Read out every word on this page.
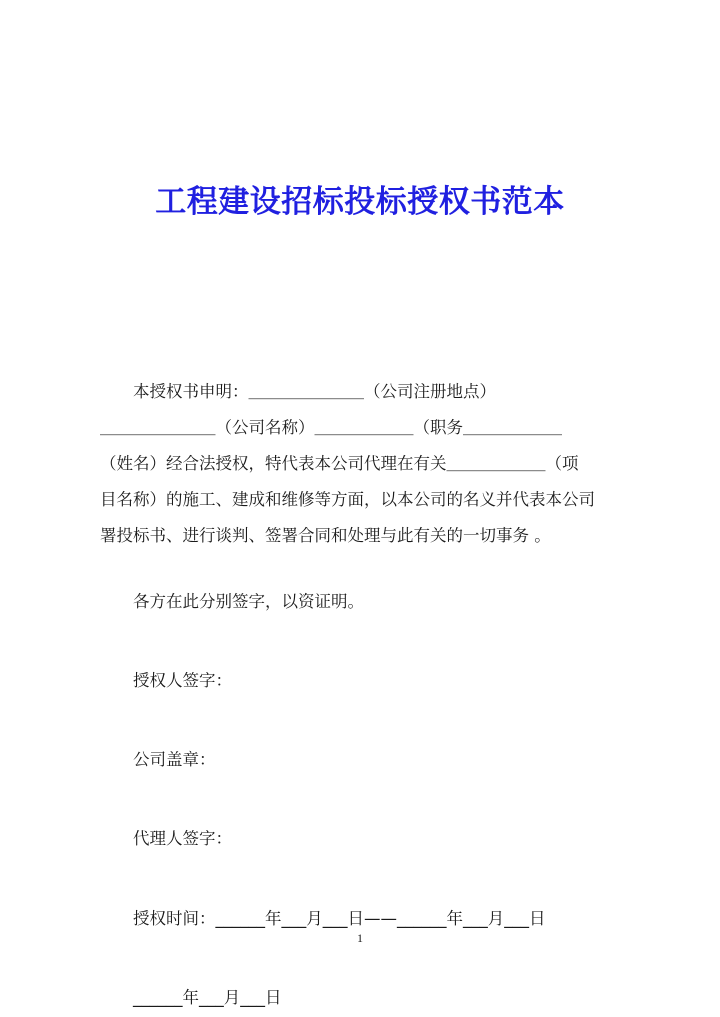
工程建设招标投标授权书范本

本授权书申明：＿＿＿＿＿＿＿（公司注册地点）

＿＿＿＿＿＿＿（公司名称）＿＿＿＿＿＿（职务＿＿＿＿＿＿

（姓名）经合法授权，特代表本公司代理在有关＿＿＿＿＿＿（项

目名称）的施工、建成和维修等方面，以本公司的名义并代表本公司

署投标书、进行谈判、签署合同和处理与此有关的一切事务 。

各方在此分别签字，以资证明。

授权人签字：

公司盖章：

代理人签字：

授权时间：______年___月___日——______年___月___日

______年___月___日

1
